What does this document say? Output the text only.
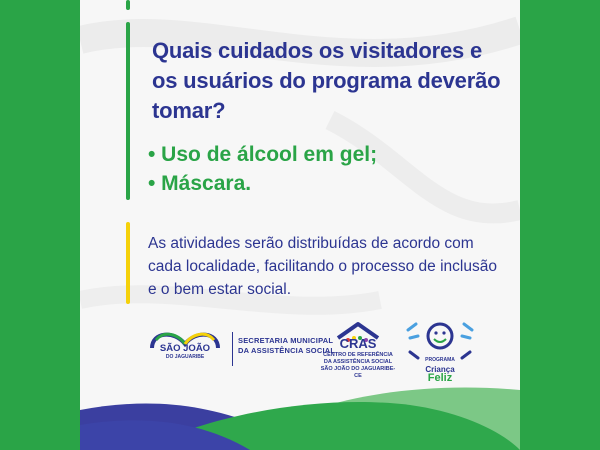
Quais cuidados os visitadores e os usuários do programa deverão tomar?
• Uso de álcool em gel;
• Máscara.
As atividades serão distribuídas de acordo com cada localidade, facilitando o processo de inclusão e o bem estar social.
SÃO JOÃO
DO JAGUARIBE
SECRETARIA MUNICIPAL
DA ASSISTÊNCIA SOCIAL CRAS
CENTRO DE REFERÊNCIA
DA ASSISTÊNCIA SOCIAL
SÃO JOÃO DO JAGUARIBE-CE
PROGRAMA
Criança
Feliz
